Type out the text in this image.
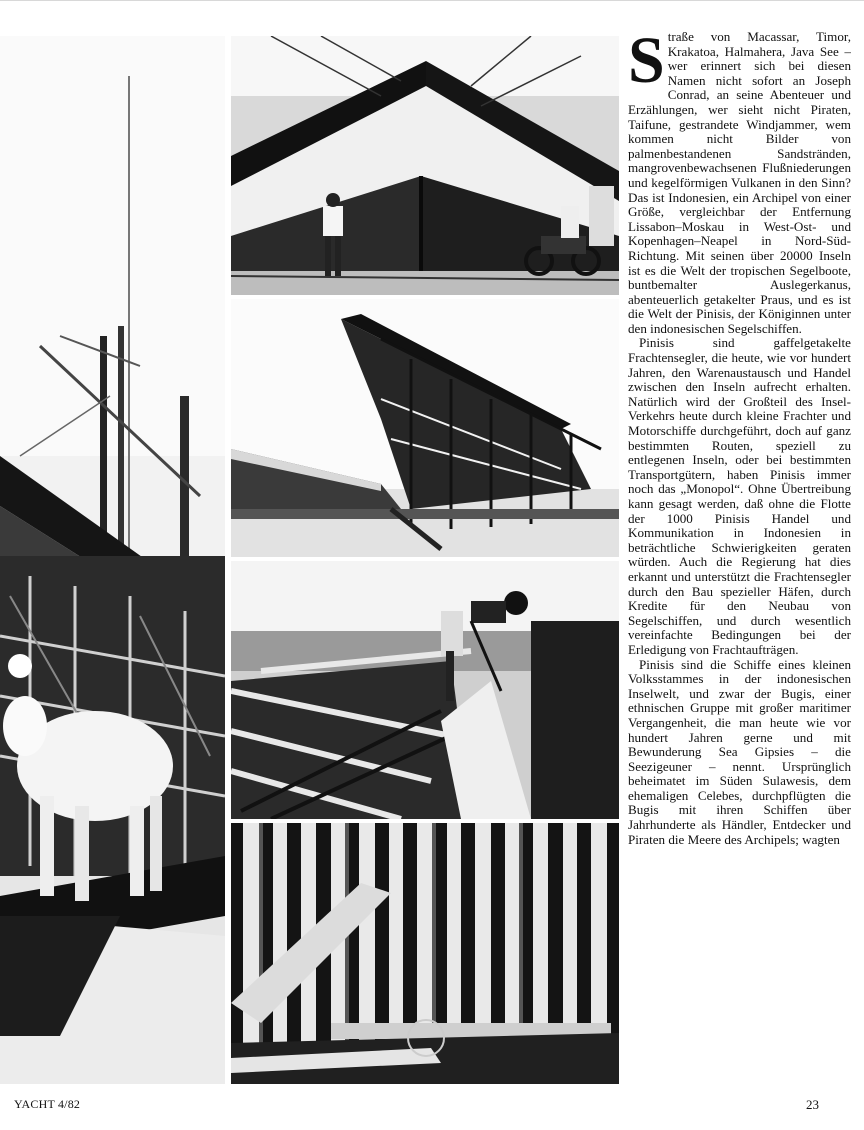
Straße von Macassar, Timor, Krakatoa, Halmahera, Java See – wer erinnert sich bei diesen Namen nicht sofort an Joseph Conrad, an seine Abenteuer und Erzählungen, wer sieht nicht Piraten, Taifune, gestrandete Windjammer, wem kommen nicht Bilder von palmenbestandenen Sandstränden, mangrovenbewachsenen Flußniederungen und kegelförmigen Vulkanen in den Sinn? Das ist Indonesien, ein Archipel von einer Größe, vergleichbar der Entfernung Lissabon–Moskau in West-Ost- und Kopenhagen–Neapel in Nord-Süd-Richtung. Mit seinen über 20000 Inseln ist es die Welt der tropischen Segelboote, buntbemalter Auslegerkanus, abenteuerlich getakelter Praus, und es ist die Welt der Pinisis, der Königinnen unter den indonesischen Segelschiffen.

Pinisis sind gaffelgetakelte Frachtensegler, die heute, wie vor hundert Jahren, den Warenaustausch und Handel zwischen den Inseln aufrecht erhalten. Natürlich wird der Großteil des Insel-Verkehrs heute durch kleine Frachter und Motorschiffe durchgeführt, doch auf ganz bestimmten Routen, speziell zu entlegenen Inseln, oder bei bestimmten Transportgütern, haben Pinisis immer noch das „Monopol“. Ohne Übertreibung kann gesagt werden, daß ohne die Flotte der 1000 Pinisis Handel und Kommunikation in Indonesien in beträchtliche Schwierigkeiten geraten würden. Auch die Regierung hat dies erkannt und unterstützt die Frachtensegler durch den Bau spezieller Häfen, durch Kredite für den Neubau von Segelschiffen, und durch wesentlich vereinfachte Bedingungen bei der Erledigung von Frachtaufträgen.

Pinisis sind die Schiffe eines kleinen Volksstammes in der indonesischen Inselwelt, und zwar der Bugis, einer ethnischen Gruppe mit großer maritimer Vergangenheit, die man heute wie vor hundert Jahren gerne und mit Bewunderung Sea Gipsies – die Seezigeuner – nennt. Ursprünglich beheimatet im Süden Sulawesis, dem ehemaligen Celebes, durchpflügten die Bugis mit ihren Schiffen über Jahrhunderte als Händler, Entdecker und Piraten die Meere des Archipels; wagten

YACHT 4/82	23
